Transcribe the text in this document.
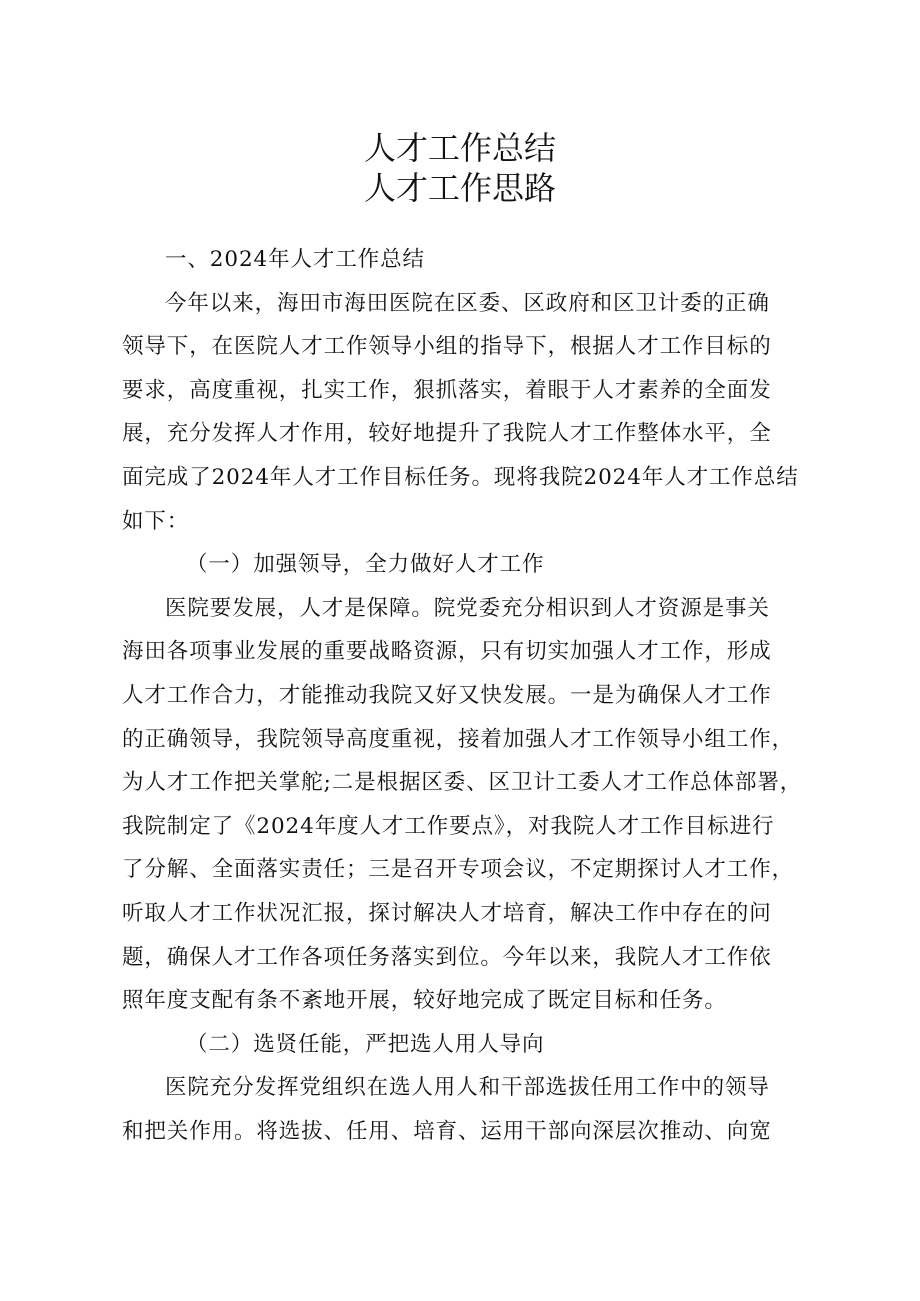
人才工作总结
人才工作思路

一、2024年人才工作总结

今年以来，海田市海田医院在区委、区政府和区卫计委的正确
领导下，在医院人才工作领导小组的指导下，根据人才工作目标的
要求，高度重视，扎实工作，狠抓落实，着眼于人才素养的全面发
展，充分发挥人才作用，较好地提升了我院人才工作整体水平，全
面完成了2024年人才工作目标任务。现将我院2024年人才工作总结
如下：

（一）加强领导，全力做好人才工作

医院要发展，人才是保障。院党委充分相识到人才资源是事关
海田各项事业发展的重要战略资源，只有切实加强人才工作，形成
人才工作合力，才能推动我院又好又快发展。一是为确保人才工作
的正确领导，我院领导高度重视，接着加强人才工作领导小组工作，
为人才工作把关掌舵;二是根据区委、区卫计工委人才工作总体部署，
我院制定了《2024年度人才工作要点》，对我院人才工作目标进行
了分解、全面落实责任；三是召开专项会议，不定期探讨人才工作，
听取人才工作状况汇报，探讨解决人才培育，解决工作中存在的问
题，确保人才工作各项任务落实到位。今年以来，我院人才工作依
照年度支配有条不紊地开展，较好地完成了既定目标和任务。

（二）选贤任能，严把选人用人导向

医院充分发挥党组织在选人用人和干部选拔任用工作中的领导
和把关作用。将选拔、任用、培育、运用干部向深层次推动、向宽
